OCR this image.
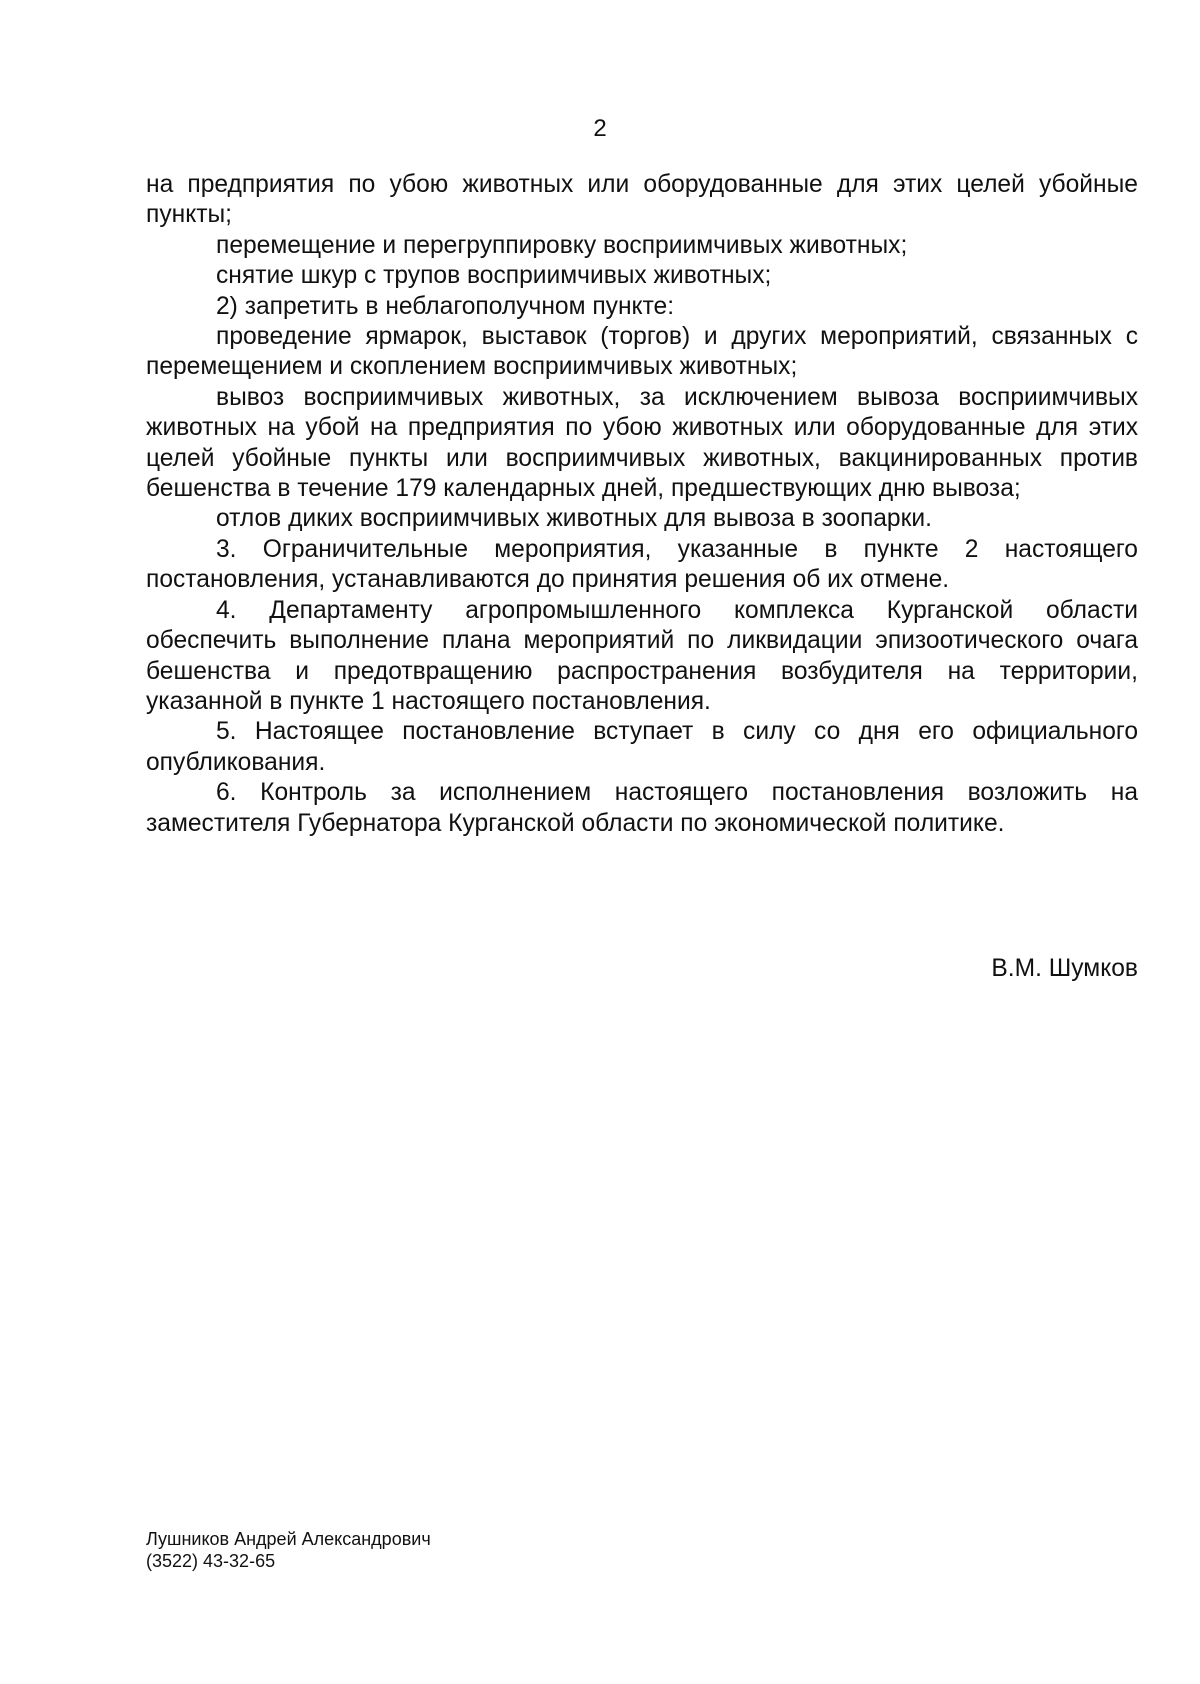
2

на предприятия по убою животных или оборудованные для этих целей убойные пункты;

перемещение и перегруппировку восприимчивых животных;

снятие шкур с трупов восприимчивых животных;

2) запретить в неблагополучном пункте:

проведение ярмарок, выставок (торгов) и других мероприятий, связанных с перемещением и скоплением восприимчивых животных;

вывоз восприимчивых животных, за исключением вывоза восприимчивых животных на убой на предприятия по убою животных или оборудованные для этих целей убойные пункты или восприимчивых животных, вакцинированных против бешенства в течение 179 календарных дней, предшествующих дню вывоза;

отлов диких восприимчивых животных для вывоза в зоопарки.

3. Ограничительные мероприятия, указанные в пункте 2 настоящего постановления, устанавливаются до принятия решения об их отмене.

4. Департаменту агропромышленного комплекса Курганской области обеспечить выполнение плана мероприятий по ликвидации эпизоотического очага бешенства и предотвращению распространения возбудителя на территории, указанной в пункте 1 настоящего постановления.

5. Настоящее постановление вступает в силу со дня его официального опубликования.

6. Контроль за исполнением настоящего постановления возложить на заместителя Губернатора Курганской области по экономической политике.

В.М. Шумков
Лушников Андрей Александрович
(3522) 43-32-65
